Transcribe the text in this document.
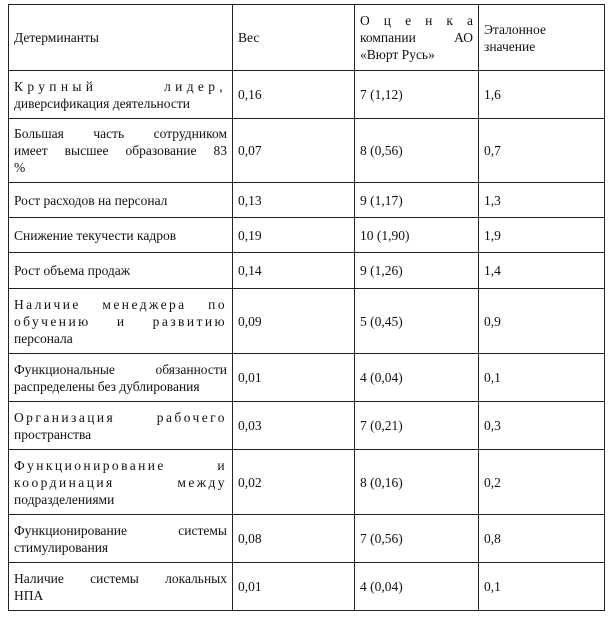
Детерминанты	Вес	О ц е н к а
компании АО
«Вюрт Русь»	Эталонное
значение

Крупный лидер,
диверсификация деятельности	0,16	7 (1,12)	1,6

Большая часть сотрудником
имеет высшее образование 83
%	0,07	8 (0,56)	0,7
Рост расходов на персонал	0,13	9 (1,17)	1,3
Снижение текучести кадров	0,19	10 (1,90)	1,9
Рост объема продаж	0,14	9 (1,26)	1,4

Наличие менеджера по
обучению и развитию
персонала	0,09	5 (0,45)	0,9

Функциональные обязанности
распределены без дублирования	0,01	4 (0,04)	0,1

Организация рабочего
пространства	0,03	7 (0,21)	0,3

Функционирование и
координация между
подразделениями	0,02	8 (0,16)	0,2

Функционирование системы
стимулирования	0,08	7 (0,56)	0,8

Наличие системы локальных
НПА	0,01	4 (0,04)	0,1
